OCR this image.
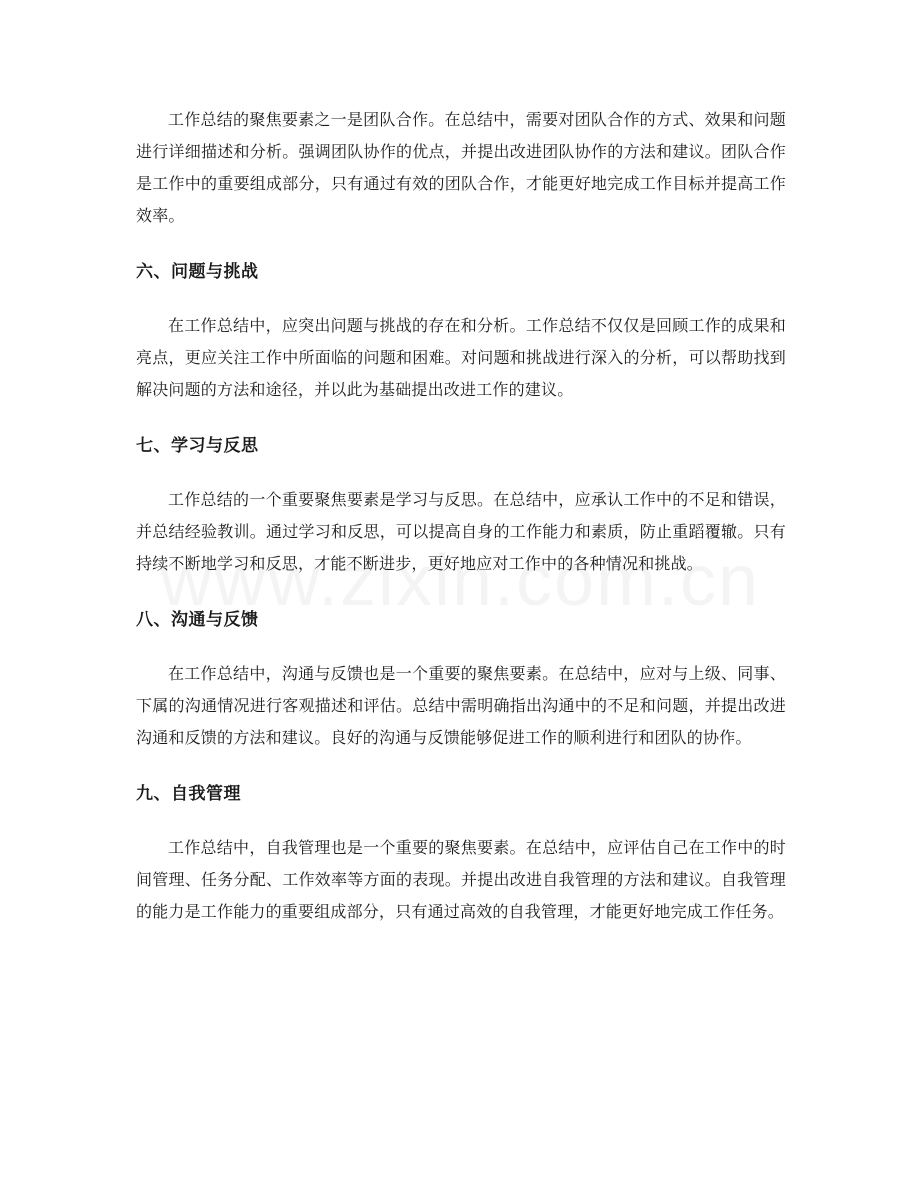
工作总结的聚焦要素之一是团队合作。在总结中，需要对团队合作的方式、效果和问题进行详细描述和分析。强调团队协作的优点，并提出改进团队协作的方法和建议。团队合作是工作中的重要组成部分，只有通过有效的团队合作，才能更好地完成工作目标并提高工作效率。

六、问题与挑战

在工作总结中，应突出问题与挑战的存在和分析。工作总结不仅仅是回顾工作的成果和亮点，更应关注工作中所面临的问题和困难。对问题和挑战进行深入的分析，可以帮助找到解决问题的方法和途径，并以此为基础提出改进工作的建议。

七、学习与反思

工作总结的一个重要聚焦要素是学习与反思。在总结中，应承认工作中的不足和错误，并总结经验教训。通过学习和反思，可以提高自身的工作能力和素质，防止重蹈覆辙。只有持续不断地学习和反思，才能不断进步，更好地应对工作中的各种情况和挑战。

八、沟通与反馈

在工作总结中，沟通与反馈也是一个重要的聚焦要素。在总结中，应对与上级、同事、下属的沟通情况进行客观描述和评估。总结中需明确指出沟通中的不足和问题，并提出改进沟通和反馈的方法和建议。良好的沟通与反馈能够促进工作的顺利进行和团队的协作。

九、自我管理

工作总结中，自我管理也是一个重要的聚焦要素。在总结中，应评估自己在工作中的时间管理、任务分配、工作效率等方面的表现。并提出改进自我管理的方法和建议。自我管理的能力是工作能力的重要组成部分，只有通过高效的自我管理，才能更好地完成工作任务。
